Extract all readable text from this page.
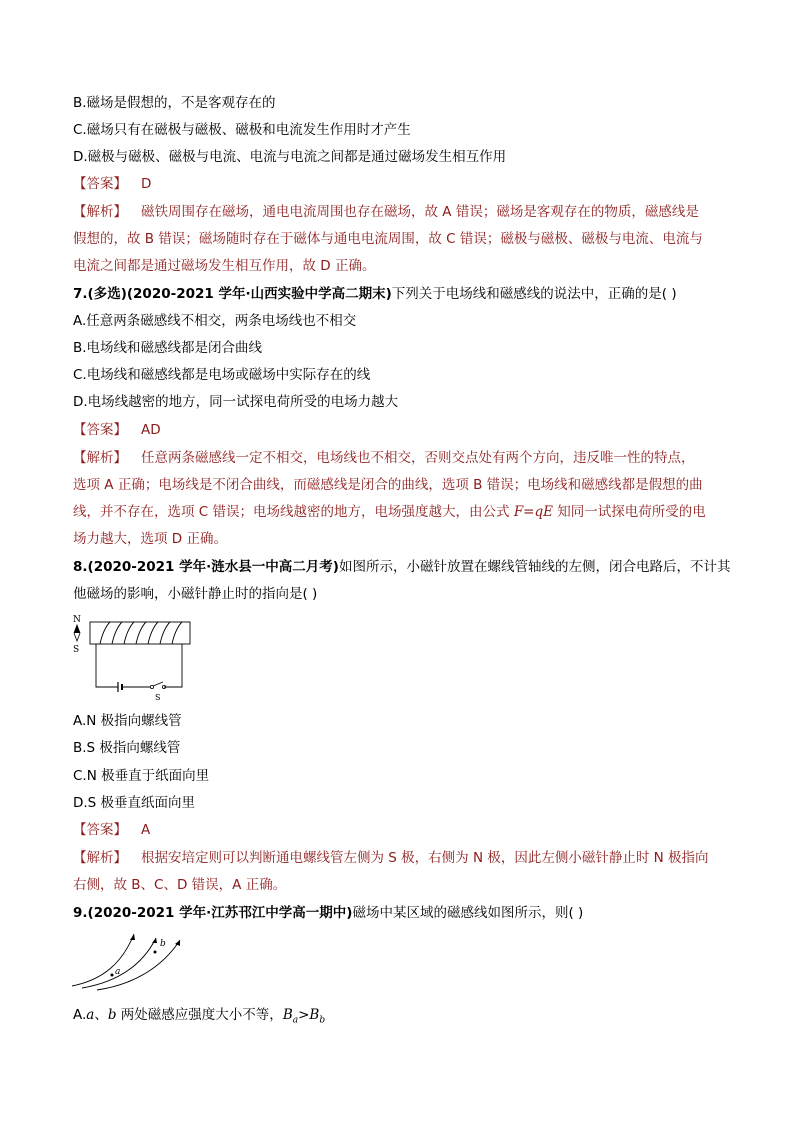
B.磁场是假想的，不是客观存在的
C.磁场只有在磁极与磁极、磁极和电流发生作用时才产生
D.磁极与磁极、磁极与电流、电流与电流之间都是通过磁场发生相互作用
【答案】 D
【解析】 磁铁周围存在磁场，通电电流周围也存在磁场，故 A 错误；磁场是客观存在的物质，磁感线是
假想的，故 B 错误；磁场随时存在于磁体与通电电流周围，故 C 错误；磁极与磁极、磁极与电流、电流与
电流之间都是通过磁场发生相互作用，故 D 正确。
7.(多选)(2020-2021 学年·山西实验中学高二期末)下列关于电场线和磁感线的说法中，正确的是( )
A.任意两条磁感线不相交，两条电场线也不相交
B.电场线和磁感线都是闭合曲线
C.电场线和磁感线都是电场或磁场中实际存在的线
D.电场线越密的地方，同一试探电荷所受的电场力越大
【答案】 AD
【解析】 任意两条磁感线一定不相交，电场线也不相交，否则交点处有两个方向，违反唯一性的特点，
选项 A 正确；电场线是不闭合曲线，而磁感线是闭合的曲线，选项 B 错误；电场线和磁感线都是假想的曲
线，并不存在，选项 C 错误；电场线越密的地方，电场强度越大，由公式 F=qE 知同一试探电荷所受的电
场力越大，选项 D 正确。
8.(2020-2021 学年·涟水县一中高二月考)如图所示，小磁针放置在螺线管轴线的左侧，闭合电路后，不计其
他磁场的影响，小磁针静止时的指向是( )
N
S
S
A.N 极指向螺线管
B.S 极指向螺线管
C.N 极垂直于纸面向里
D.S 极垂直纸面向里
【答案】 A
【解析】 根据安培定则可以判断通电螺线管左侧为 S 极，右侧为 N 极，因此左侧小磁针静止时 N 极指向
右侧，故 B、C、D 错误，A 正确。
9.(2020-2021 学年·江苏邗江中学高一期中)磁场中某区域的磁感线如图所示，则( )
a
b
A.a、b 两处磁感应强度大小不等，$B_a>B_b$
